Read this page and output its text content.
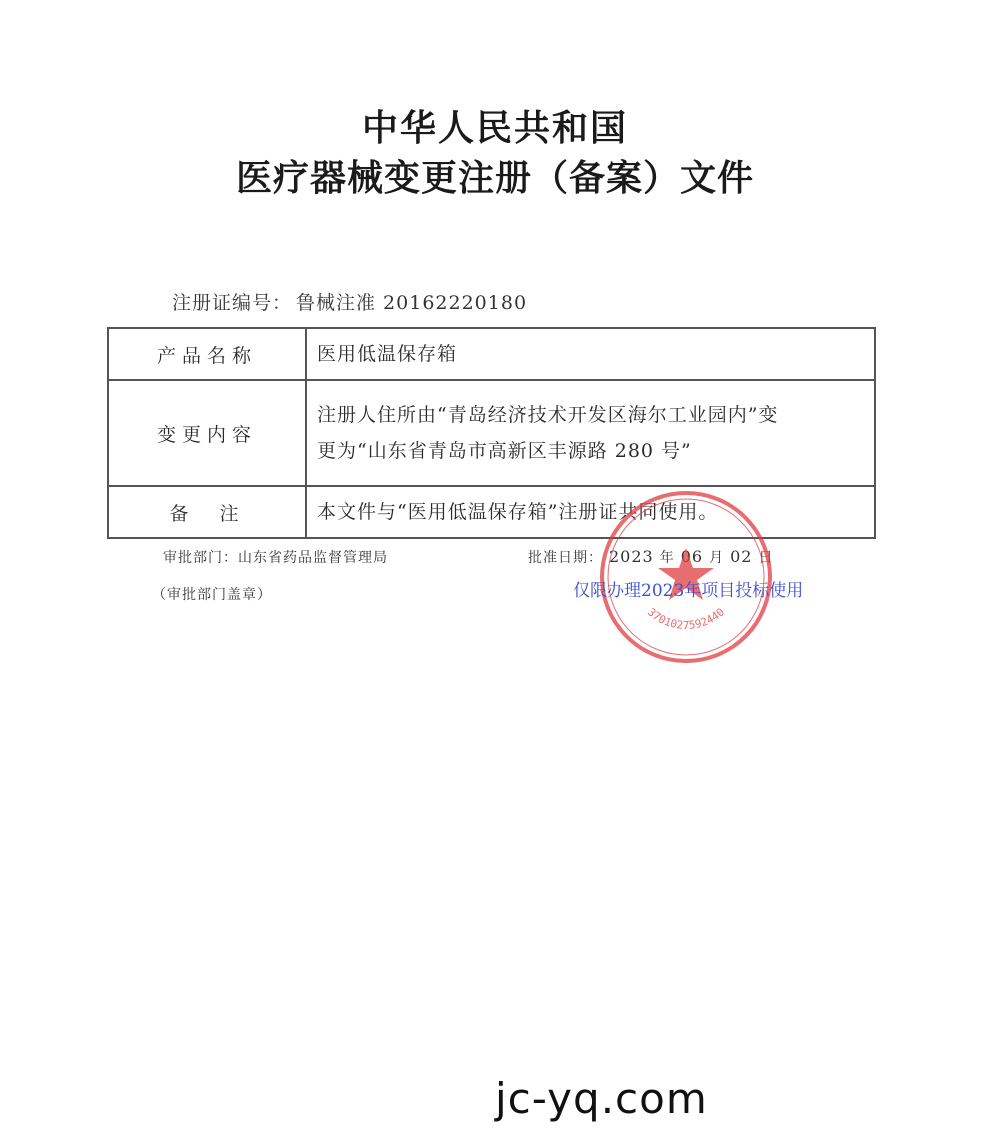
中华人民共和国
医疗器械变更注册（备案）文件
注册证编号： 鲁械注准 20162220180
产品名称	医用低温保存箱
变更内容	注册人住所由“青岛经济技术开发区海尔工业园内”变
更为“山东省青岛市高新区丰源路 280 号”

备　注	本文件与“医用低温保存箱”注册证共同使用。
审批部门：山东省药品监督管理局	批准日期： 2023 年 06 月 02 日
（审批部门盖章）
3701027592440
仅限办理2023年项目投标使用
jc-yq.com
